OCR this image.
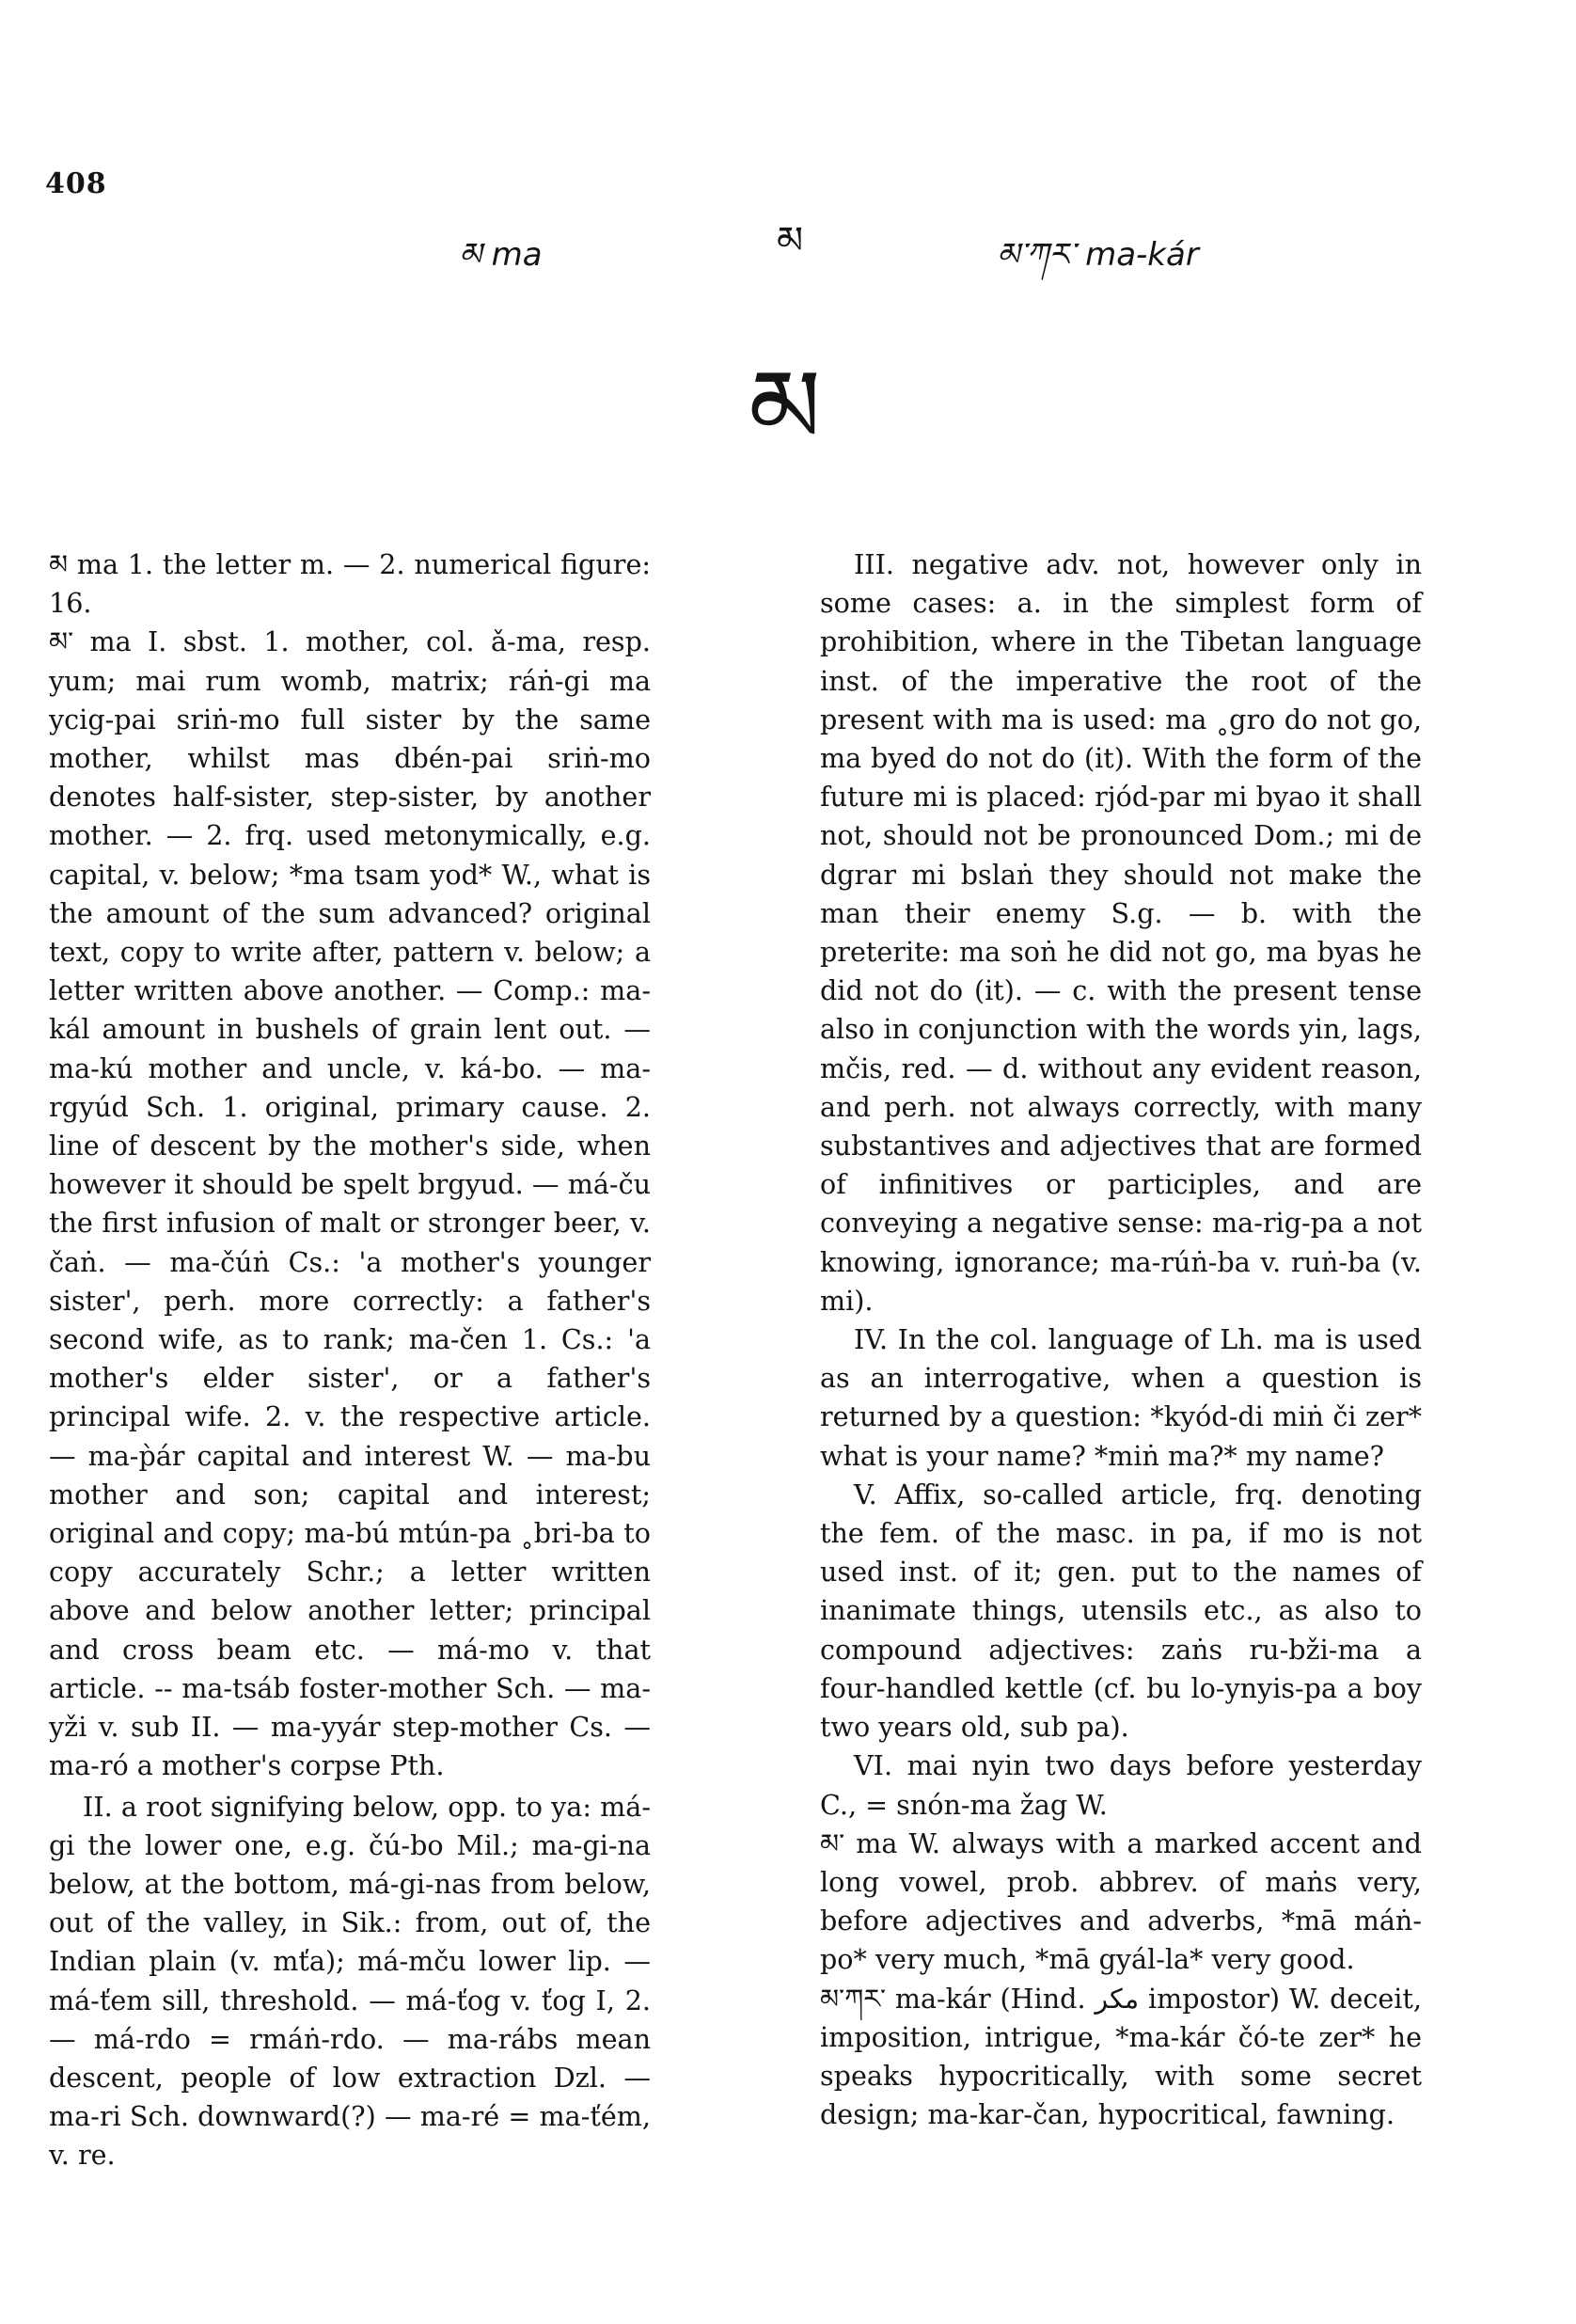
408
མ ma	མ	མ་ཀར་ ma-kár
མ

མ ma 1. the letter m. — 2. numerical figure: 16.

མ་ ma I. sbst. 1. mother, col. ǎ-ma, resp. yum; mai rum womb, matrix; ráṅ-gi ma ycig-pai sriṅ-mo full sister by the same mother, whilst mas dbén-pai sriṅ-mo denotes half-sister, step-sister, by another mother. — 2. frq. used metonymically, e.g. capital, v. below; *ma tsam yod* W., what is the amount of the sum advanced? original text, copy to write after, pattern v. below; a letter written above another. — Comp.: ma-kál amount in bushels of grain lent out. — ma-kú mother and uncle, v. ká-bo. — ma-rgyúd Sch. 1. original, primary cause. 2. line of descent by the mother's side, when however it should be spelt brgyud. — má-ču the first infusion of malt or stronger beer, v. čaṅ. — ma-čúṅ Cs.: 'a mother's younger sister', perh. more correctly: a father's second wife, as to rank; ma-čen 1. Cs.: 'a mother's elder sister', or a father's principal wife. 2. v. the respective article. — ma-p̀ár capital and interest W. — ma-bu mother and son; capital and interest; original and copy; ma-bú mtún-pa ˳bri-ba to copy accurately Schr.; a letter written above and below another letter; principal and cross beam etc. — má-mo v. that article. -- ma-tsáb foster-mother Sch. — ma-yži v. sub II. — ma-yyár step-mother Cs. — ma-ró a mother's corpse Pth.

II. a root signifying below, opp. to ya: má-gi the lower one, e.g. čú-bo Mil.; ma-gi-na below, at the bottom, má-gi-nas from below, out of the valley, in Sik.: from, out of, the Indian plain (v. mťa); má-mču lower lip. — má-ťem sill, threshold. — má-ťog v. ťog I, 2. — má-rdo = rmáṅ-rdo. — ma-rábs mean descent, people of low extraction Dzl. — ma-ri Sch. downward(?) — ma-ré = ma-ťém, v. re.

III. negative adv. not, however only in some cases: a. in the simplest form of prohibition, where in the Tibetan language inst. of the imperative the root of the present with ma is used: ma ˳gro do not go, ma byed do not do (it). With the form of the future mi is placed: rjód-par mi byao it shall not, should not be pronounced Dom.; mi de dgrar mi bslaṅ they should not make the man their enemy S.g. — b. with the preterite: ma soṅ he did not go, ma byas he did not do (it). — c. with the present tense also in conjunction with the words yin, lags, mčis, red. — d. without any evident reason, and perh. not always correctly, with many substantives and adjectives that are formed of infinitives or participles, and are conveying a negative sense: ma-rig-pa a not knowing, ignorance; ma-rúṅ-ba v. ruṅ-ba (v. mi).

IV. In the col. language of Lh. ma is used as an interrogative, when a question is returned by a question: *kyód-di miṅ či zer* what is your name? *miṅ ma?* my name?

V. Affix, so-called article, frq. denoting the fem. of the masc. in pa, if mo is not used inst. of it; gen. put to the names of inanimate things, utensils etc., as also to compound adjectives: zaṅs ru-bži-ma a four-handled kettle (cf. bu lo-ynyis-pa a boy two years old, sub pa).

VI. mai nyin two days before yesterday C., = snón-ma žag W.

མ་ ma W. always with a marked accent and long vowel, prob. abbrev. of maṅs very, before adjectives and adverbs, *mā máṅ-po* very much, *mā gyál-la* very good.

མ་ཀར་ ma-kár (Hind. مكر impostor) W. deceit, imposition, intrigue, *ma-kár čó-te zer* he speaks hypocritically, with some secret design; ma-kar-čan, hypocritical, fawning.
